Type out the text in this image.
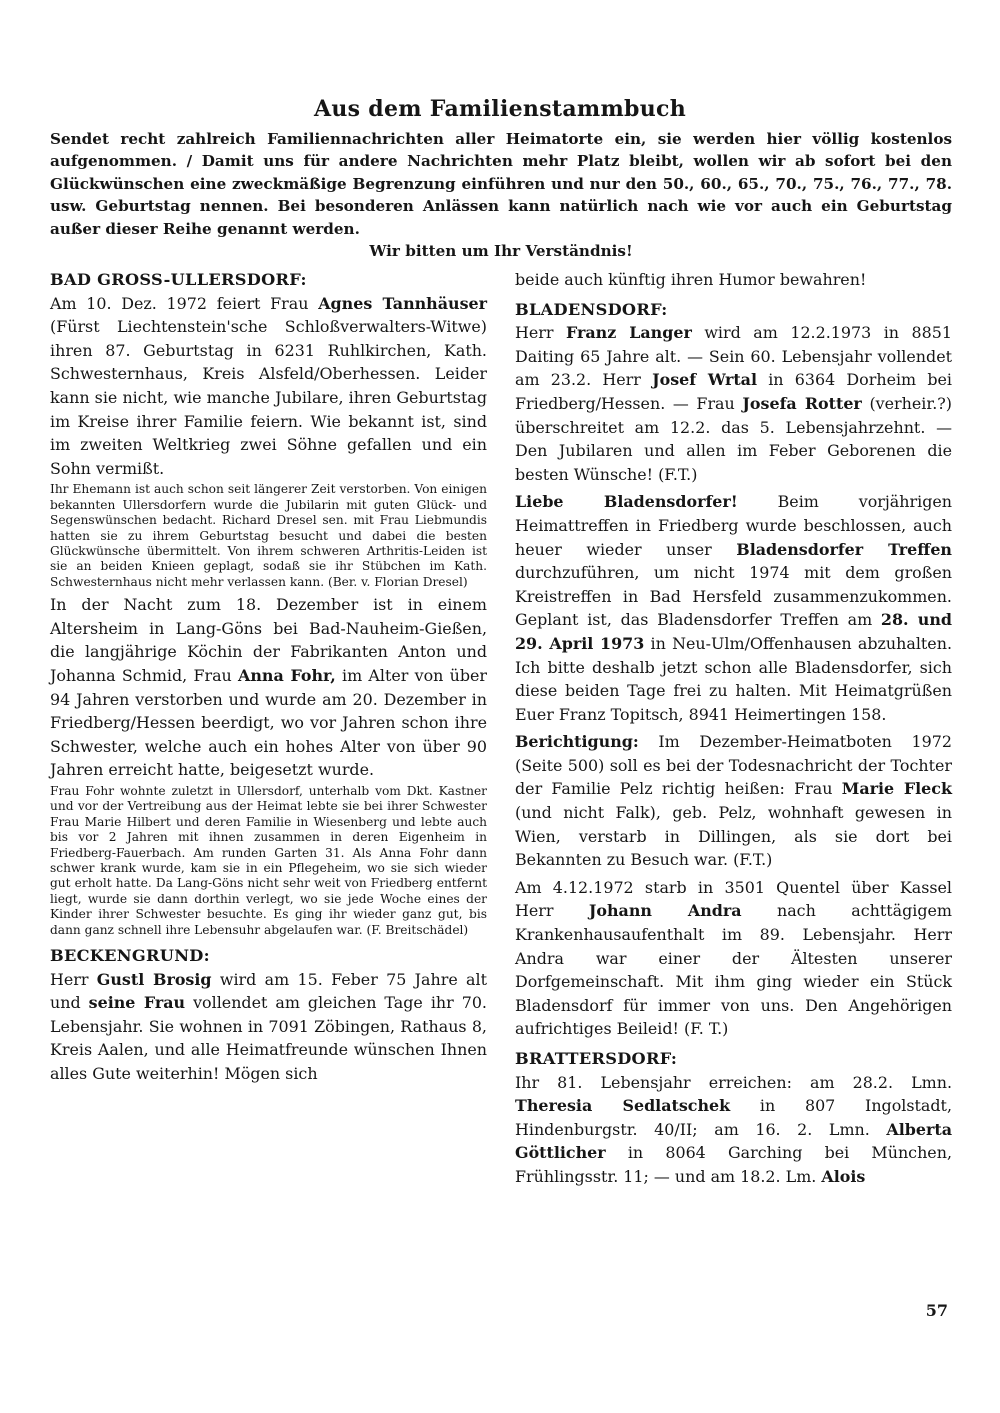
Aus dem Familienstammbuch

Sendet recht zahlreich Familiennachrichten aller Heimatorte ein, sie werden hier völlig kostenlos aufgenommen. / Damit uns für andere Nachrichten mehr Platz bleibt, wollen wir ab sofort bei den Glückwünschen eine zweckmäßige Begrenzung einführen und nur den 50., 60., 65., 70., 75., 76., 77., 78. usw. Geburtstag nennen. Bei besonderen Anlässen kann natürlich nach wie vor auch ein Geburtstag außer dieser Reihe genannt werden.
Wir bitten um Ihr Verständnis!

BAD GROSS-ULLERSDORF:

Am 10. Dez. 1972 feiert Frau Agnes Tannhäuser (Fürst Liechtenstein'sche Schloßverwalters-Witwe) ihren 87. Geburtstag in 6231 Ruhlkirchen, Kath. Schwesternhaus, Kreis Alsfeld/Oberhessen. Leider kann sie nicht, wie manche Jubilare, ihren Geburtstag im Kreise ihrer Familie feiern. Wie bekannt ist, sind im zweiten Weltkrieg zwei Söhne gefallen und ein Sohn vermißt.

Ihr Ehemann ist auch schon seit längerer Zeit verstorben. Von einigen bekannten Ullersdorfern wurde die Jubilarin mit guten Glück- und Segenswünschen bedacht. Richard Dresel sen. mit Frau Liebmundis hatten sie zu ihrem Geburtstag besucht und dabei die besten Glückwünsche übermittelt. Von ihrem schweren Arthritis-Leiden ist sie an beiden Knieen geplagt, sodaß sie ihr Stübchen im Kath. Schwesternhaus nicht mehr verlassen kann. (Ber. v. Florian Dresel)

In der Nacht zum 18. Dezember ist in einem Altersheim in Lang-Göns bei Bad-Nauheim-Gießen, die langjährige Köchin der Fabrikanten Anton und Johanna Schmid, Frau Anna Fohr, im Alter von über 94 Jahren verstorben und wurde am 20. Dezember in Friedberg/Hessen beerdigt, wo vor Jahren schon ihre Schwester, welche auch ein hohes Alter von über 90 Jahren erreicht hatte, beigesetzt wurde.

Frau Fohr wohnte zuletzt in Ullersdorf, unterhalb vom Dkt. Kastner und vor der Vertreibung aus der Heimat lebte sie bei ihrer Schwester Frau Marie Hilbert und deren Familie in Wiesenberg und lebte auch bis vor 2 Jahren mit ihnen zusammen in deren Eigenheim in Friedberg-Fauerbach. Am runden Garten 31. Als Anna Fohr dann schwer krank wurde, kam sie in ein Pflegeheim, wo sie sich wieder gut erholt hatte. Da Lang-Göns nicht sehr weit von Friedberg entfernt liegt, wurde sie dann dorthin verlegt, wo sie jede Woche eines der Kinder ihrer Schwester besuchte. Es ging ihr wieder ganz gut, bis dann ganz schnell ihre Lebensuhr abgelaufen war. (F. Breitschädel)

BECKENGRUND:

Herr Gustl Brosig wird am 15. Feber 75 Jahre alt und seine Frau vollendet am gleichen Tage ihr 70. Lebensjahr. Sie wohnen in 7091 Zöbingen, Rathaus 8, Kreis Aalen, und alle Heimatfreunde wünschen Ihnen alles Gute weiterhin! Mögen sich

beide auch künftig ihren Humor bewahren!

BLADENSDORF:

Herr Franz Langer wird am 12.2.1973 in 8851 Daiting 65 Jahre alt. — Sein 60. Lebensjahr vollendet am 23.2. Herr Josef Wrtal in 6364 Dorheim bei Friedberg/Hessen. — Frau Josefa Rotter (verheir.?) überschreitet am 12.2. das 5. Lebensjahrzehnt. — Den Jubilaren und allen im Feber Geborenen die besten Wünsche! (F.T.)

Liebe Bladensdorfer! Beim vorjährigen Heimattreffen in Friedberg wurde beschlossen, auch heuer wieder unser Bladensdorfer Treffen durchzuführen, um nicht 1974 mit dem großen Kreistreffen in Bad Hersfeld zusammenzukommen. Geplant ist, das Bladensdorfer Treffen am 28. und 29. April 1973 in Neu-Ulm/Offenhausen abzuhalten. Ich bitte deshalb jetzt schon alle Bladensdorfer, sich diese beiden Tage frei zu halten. Mit Heimatgrüßen Euer Franz Topitsch, 8941 Heimertingen 158.

Berichtigung: Im Dezember-Heimatboten 1972 (Seite 500) soll es bei der Todesnachricht der Tochter der Familie Pelz richtig heißen: Frau Marie Fleck (und nicht Falk), geb. Pelz, wohnhaft gewesen in Wien, verstarb in Dillingen, als sie dort bei Bekannten zu Besuch war. (F.T.)

Am 4.12.1972 starb in 3501 Quentel über Kassel Herr Johann Andra nach achttägigem Krankenhausaufenthalt im 89. Lebensjahr. Herr Andra war einer der Ältesten unserer Dorfgemeinschaft. Mit ihm ging wieder ein Stück Bladensdorf für immer von uns. Den Angehörigen aufrichtiges Beileid! (F. T.)

BRATTERSDORF:

Ihr 81. Lebensjahr erreichen: am 28.2. Lmn. Theresia Sedlatschek in 807 Ingolstadt, Hindenburgstr. 40/II; am 16. 2. Lmn. Alberta Göttlicher in 8064 Garching bei München, Frühlingsstr. 11; — und am 18.2. Lm. Alois

57
